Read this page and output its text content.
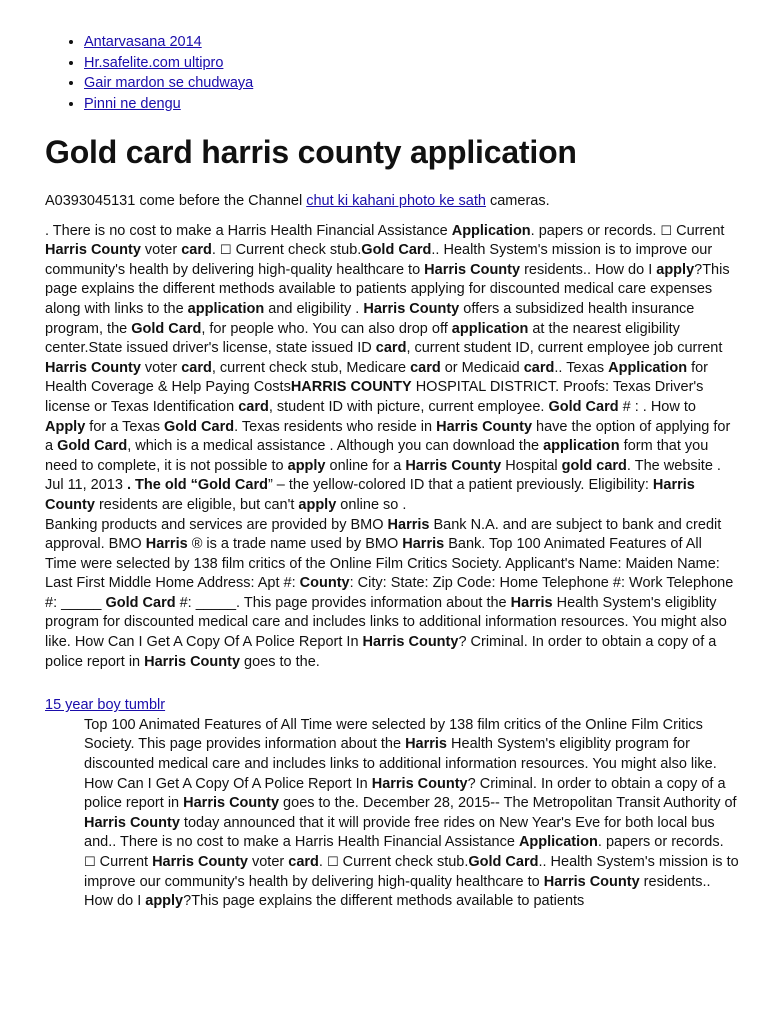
• Antarvasana 2014
• Hr.safelite.com ultipro
• Gair mardon se chudwaya
• Pinni ne dengu
Gold card harris county application

A0393045131 come before the Channel chut ki kahani photo ke sath cameras.

. There is no cost to make a Harris Health Financial Assistance Application. papers or records. ☐ Current Harris County voter card. ☐ Current check stub.Gold Card.. Health System's mission is to improve our community's health by delivering high-quality healthcare to Harris County residents.. How do I apply?This page explains the different methods available to patients applying for discounted medical care expenses along with links to the application and eligibility . Harris County offers a subsidized health insurance program, the Gold Card, for people who. You can also drop off application at the nearest eligibility center.State issued driver's license, state issued ID card, current student ID, current employee job current Harris County voter card, current check stub, Medicare card or Medicaid card.. Texas Application for Health Coverage & Help Paying CostsHARRIS COUNTY HOSPITAL DISTRICT. Proofs: Texas Driver's license or Texas Identification card, student ID with picture, current employee. Gold Card # : . How to Apply for a Texas Gold Card. Texas residents who reside in Harris County have the option of applying for a Gold Card, which is a medical assistance . Although you can download the application form that you need to complete, it is not possible to apply online for a Harris County Hospital gold card. The website . Jul 11, 2013 . The old “Gold Card” – the yellow-colored ID that a patient previously. Eligibility: Harris County residents are eligible, but can't apply online so .

Banking products and services are provided by BMO Harris Bank N.A. and are subject to bank and credit approval. BMO Harris ® is a trade name used by BMO Harris Bank. Top 100 Animated Features of All Time were selected by 138 film critics of the Online Film Critics Society. Applicant's Name: Maiden Name: Last First Middle Home Address: Apt #: County: City: State: Zip Code: Home Telephone #: Work Telephone #: _____ Gold Card #: _____. This page provides information about the Harris Health System's eligiblity program for discounted medical care and includes links to additional information resources. You might also like. How Can I Get A Copy Of A Police Report In Harris County? Criminal. In order to obtain a copy of a police report in Harris County goes to the.

15 year boy tumblr

Top 100 Animated Features of All Time were selected by 138 film critics of the Online Film Critics Society. This page provides information about the Harris Health System's eligiblity program for discounted medical care and includes links to additional information resources. You might also like. How Can I Get A Copy Of A Police Report In Harris County? Criminal. In order to obtain a copy of a police report in Harris County goes to the. December 28, 2015-- The Metropolitan Transit Authority of Harris County today announced that it will provide free rides on New Year's Eve for both local bus and.. There is no cost to make a Harris Health Financial Assistance Application. papers or records. ☐ Current Harris County voter card. ☐ Current check stub.Gold Card.. Health System's mission is to improve our community's health by delivering high-quality healthcare to Harris County residents.. How do I apply?This page explains the different methods available to patients
